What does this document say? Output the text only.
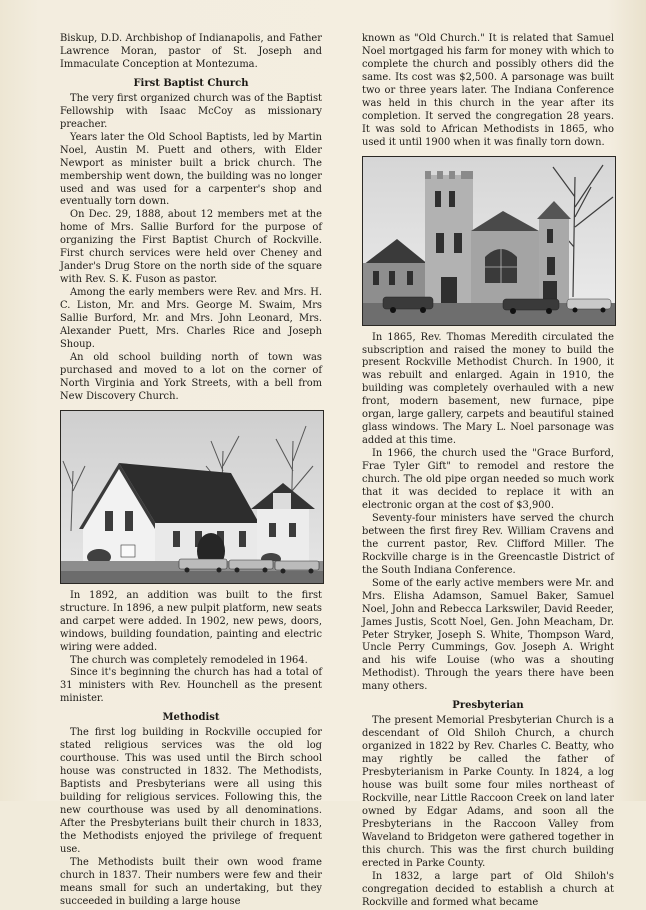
Biskup, D.D. Archbishop of Indianapolis, and Father Lawrence Moran, pastor of St. Joseph and Immaculate Conception at Montezuma.

First Baptist Church

The very first organized church was of the Baptist Fellowship with Isaac McCoy as missionary preacher.

Years later the Old School Baptists, led by Martin Noel, Austin M. Puett and others, with Elder Newport as minister built a brick church. The membership went down, the building was no longer used and was used for a carpenter's shop and eventually torn down.

On Dec. 29, 1888, about 12 members met at the home of Mrs. Sallie Burford for the purpose of organizing the First Baptist Church of Rockville. First church services were held over Cheney and Jander's Drug Store on the north side of the square with Rev. S. K. Fuson as pastor.

Among the early members were Rev. and Mrs. H. C. Liston, Mr. and Mrs. George M. Swaim, Mrs Sallie Burford, Mr. and Mrs. John Leonard, Mrs. Alexander Puett, Mrs. Charles Rice and Joseph Shoup.

An old school building north of town was purchased and moved to a lot on the corner of North Virginia and York Streets, with a bell from New Discovery Church.

In 1892, an addition was built to the first structure. In 1896, a new pulpit platform, new seats and carpet were added. In 1902, new pews, doors, windows, building foundation, painting and electric wiring were added.

The church was completely remodeled in 1964.

Since it's beginning the church has had a total of 31 ministers with Rev. Hounchell as the present minister.

Methodist

The first log building in Rockville occupied for stated religious services was the old log courthouse. This was used until the Birch school house was constructed in 1832. The Methodists, Baptists and Presbyterians were all using this building for religious services. Following this, the new courthouse was used by all denominations. After the Presbyterians built their church in 1833, the Methodists enjoyed the privilege of frequent use.

The Methodists built their own wood frame church in 1837. Their numbers were few and their means small for such an undertaking, but they succeeded in building a large house

known as "Old Church." It is related that Samuel Noel mortgaged his farm for money with which to complete the church and possibly others did the same. Its cost was $2,500. A parsonage was built two or three years later. The Indiana Conference was held in this church in the year after its completion. It served the congregation 28 years. It was sold to African Methodists in 1865, who used it until 1900 when it was finally torn down.

In 1865, Rev. Thomas Meredith circulated the subscription and raised the money to build the present Rockville Methodist Church. In 1900, it was rebuilt and enlarged. Again in 1910, the building was completely overhauled with a new front, modern basement, new furnace, pipe organ, large gallery, carpets and beautiful stained glass windows. The Mary L. Noel parsonage was added at this time.

In 1966, the church used the "Grace Burford, Frae Tyler Gift" to remodel and restore the church. The old pipe organ needed so much work that it was decided to replace it with an electronic organ at the cost of $3,900.

Seventy-four ministers have served the church between the first firey Rev. William Cravens and the current pastor, Rev. Clifford Miller. The Rockville charge is in the Greencastle District of the South Indiana Conference.

Some of the early active members were Mr. and Mrs. Elisha Adamson, Samuel Baker, Samuel Noel, John and Rebecca Larkswiler, David Reeder, James Justis, Scott Noel, Gen. John Meacham, Dr. Peter Stryker, Joseph S. White, Thompson Ward, Uncle Perry Cummings, Gov. Joseph A. Wright and his wife Louise (who was a shouting Methodist). Through the years there have been many others.

Presbyterian

The present Memorial Presbyterian Church is a descendant of Old Shiloh Church, a church organized in 1822 by Rev. Charles C. Beatty, who may rightly be called the father of Presbyterianism in Parke County. In 1824, a log house was built some four miles northeast of Rockville, near Little Raccoon Creek on land later owned by Edgar Adams, and soon all the Presbyterians in the Raccoon Valley from Waveland to Bridgeton were gathered together in this church. This was the first church building erected in Parke County.

In 1832, a large part of Old Shiloh's congregation decided to establish a church at Rockville and formed what became
